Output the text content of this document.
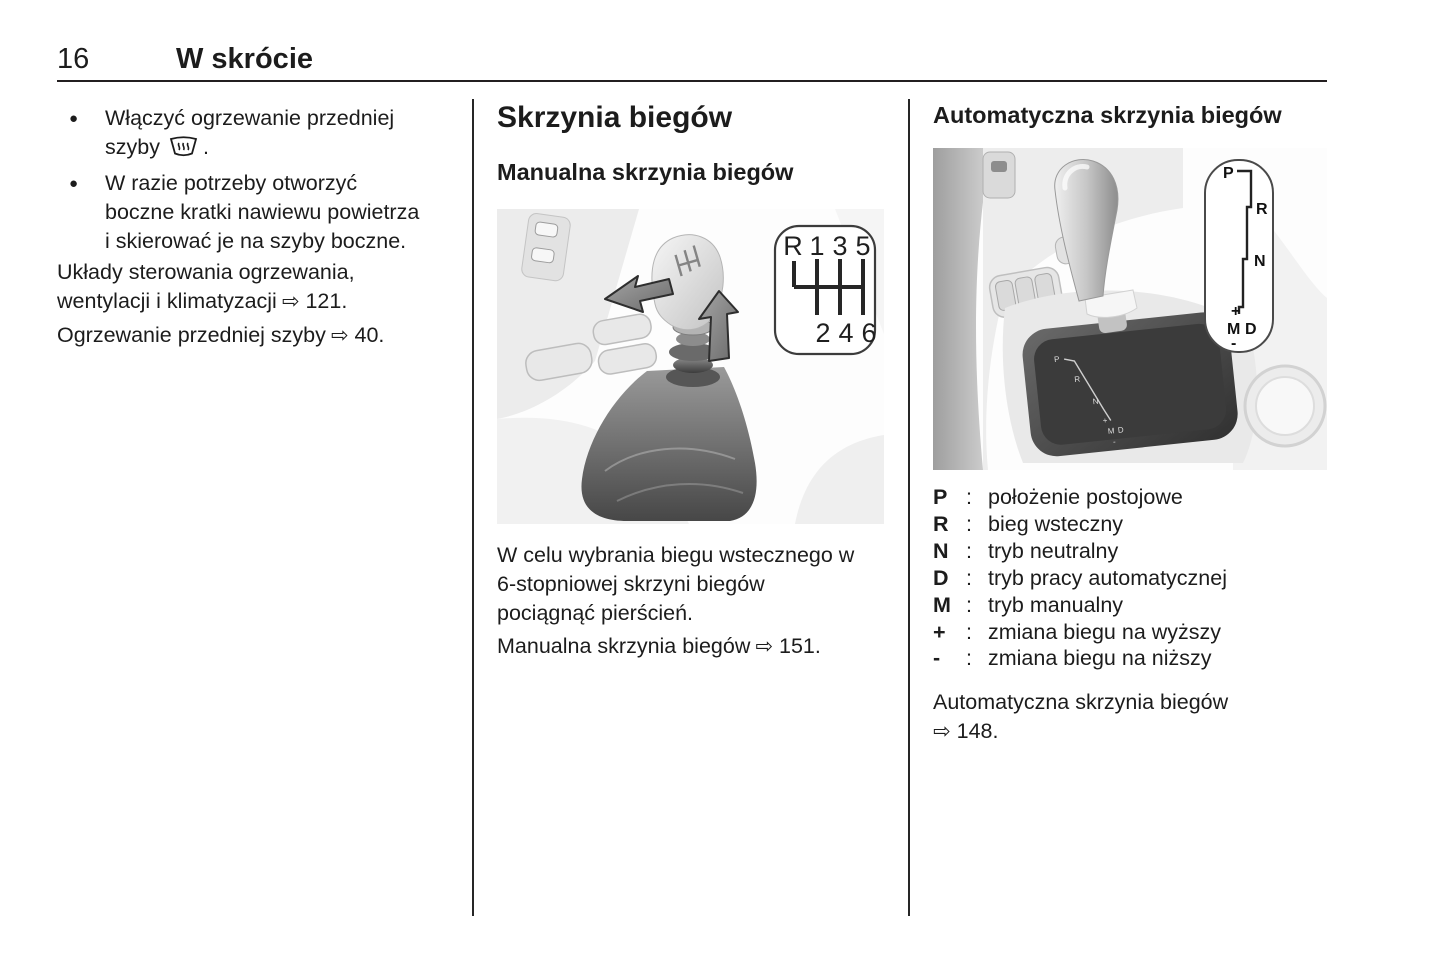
16	W skrócie
●	Włączyć ogrzewanie przedniej
szyby .
●	W razie potrzeby otworzyć
boczne kratki nawiewu powietrza
i skierować je na szyby boczne.
Układy sterowania ogrzewania,
wentylacji i klimatyzacji ⇨ 121.
Ogrzewanie przedniej szyby ⇨ 40.
Skrzynia biegów
Manualna skrzynia biegów
R 1 3 5
2 4 6
W celu wybrania biegu wstecznego w
6-stopniowej skrzyni biegów
pociągnąć pierścień.
Manualna skrzynia biegów ⇨ 151.
Automatyczna skrzynia biegów
P
R
N
+
M D
-
P
R
N
+
M D
-
P : położenie postojowe
R : bieg wsteczny
N : tryb neutralny
D : tryb pracy automatycznej
M : tryb manualny
+ : zmiana biegu na wyższy
-	: zmiana biegu na niższy
Automatyczna skrzynia biegów
⇨ 148.
